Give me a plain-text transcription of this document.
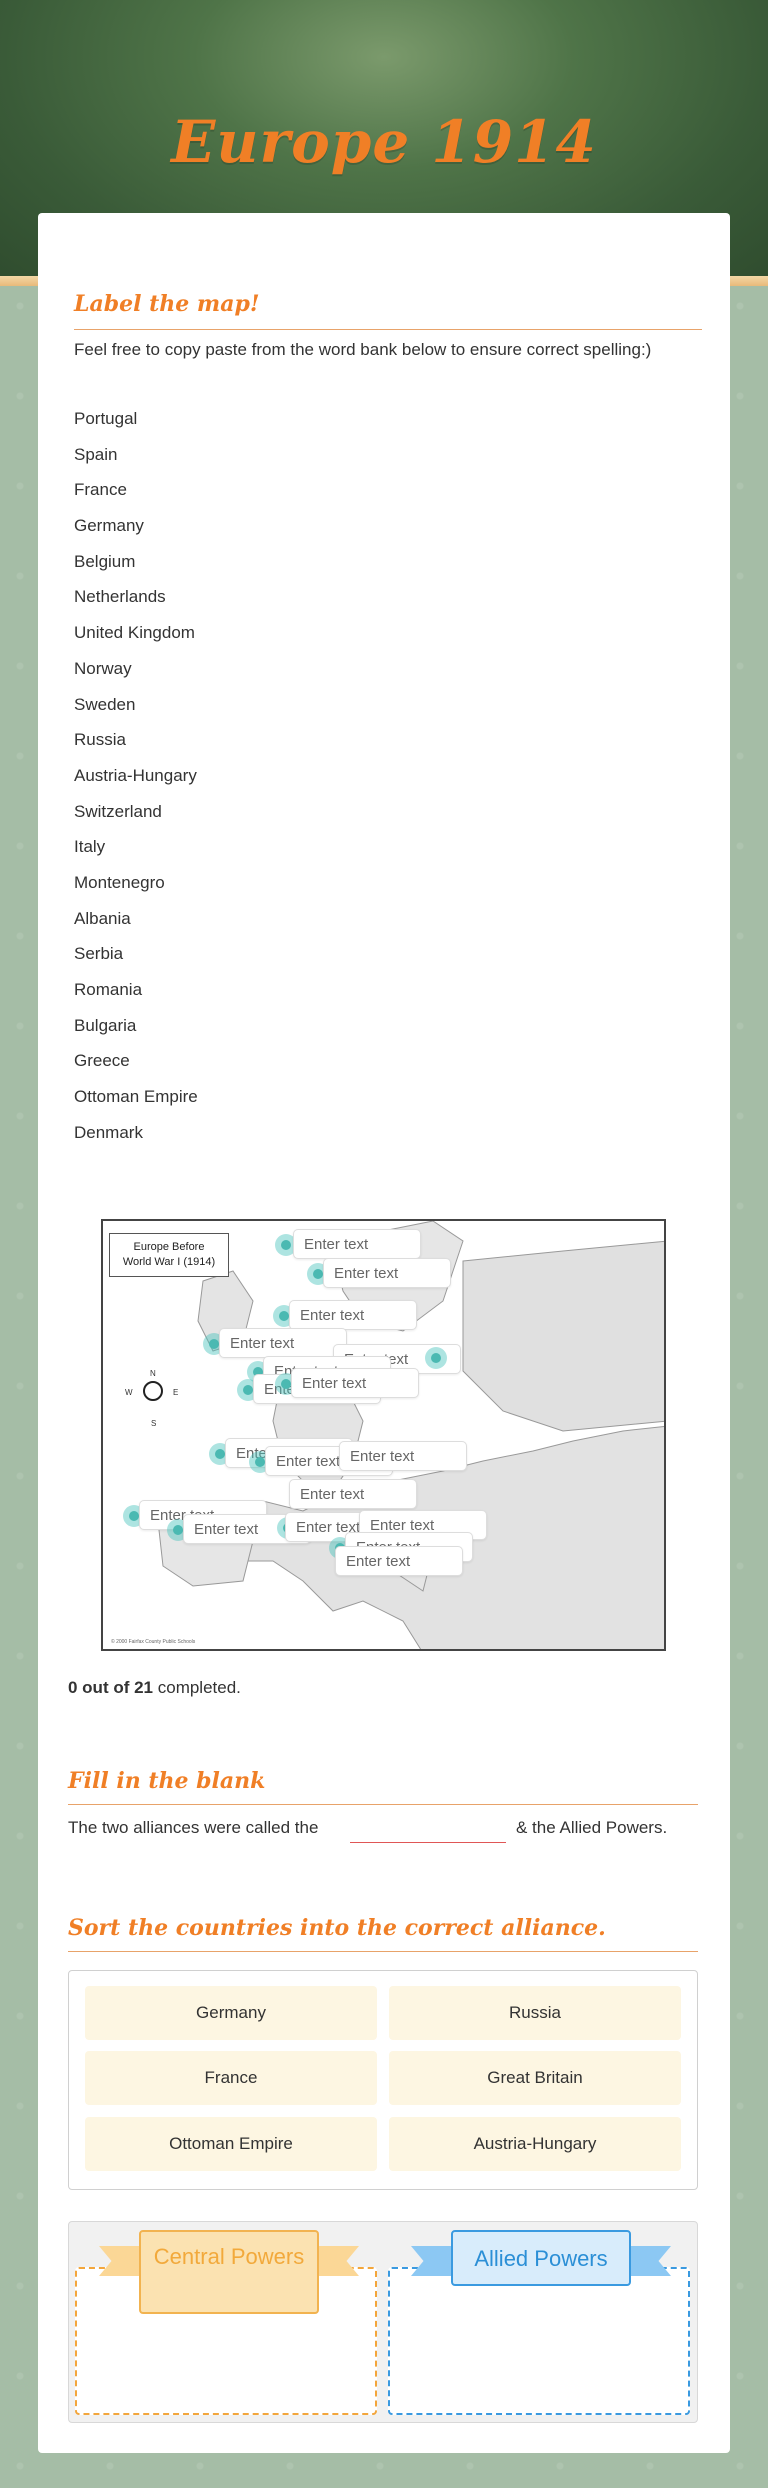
Europe 1914
Label the map!
Feel free to copy paste from the word bank below to ensure correct spelling:)
Portugal
Spain
France
Germany
Belgium
Netherlands
United Kingdom
Norway
Sweden
Russia
Austria-Hungary
Switzerland
Italy
Montenegro
Albania
Serbia
Romania
Bulgaria
Greece
Ottoman Empire
Denmark
Europe Before
World War I (1914)
N
W	E
S
© 2000 Fairfax County Public Schools
Enter text
Enter text
Enter text
Enter text
Enter text
Enter text
Enter text
Enter text
Enter text
Enter text
Enter text
Enter text
Enter text
Enter text
Enter text
Enter text
Enter text
Enter text
0 out of 21 completed.
Fill in the blank
The two alliances were called the	& the Allied Powers.
Sort the countries into the correct alliance.
Germany	Russia
France	Great Britain
Ottoman Empire	Austria-Hungary
Central Powers	Allied Powers
